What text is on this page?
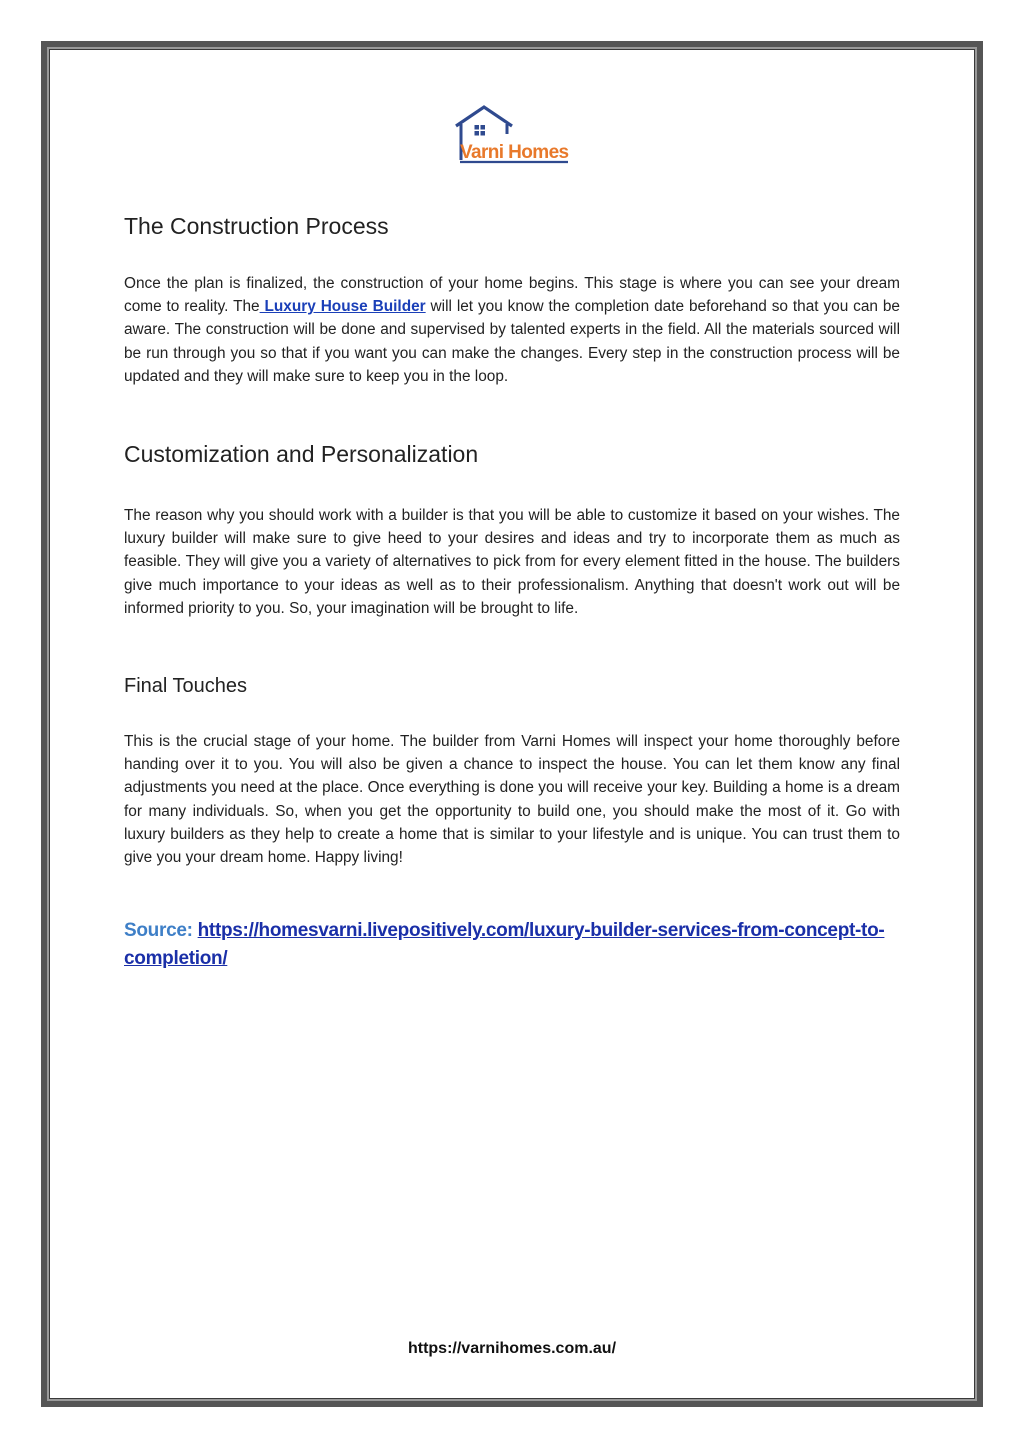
Varni Homes
The Construction Process

Once the plan is finalized, the construction of your home begins. This stage is where you can see your dream come to reality. The Luxury House Builder will let you know the completion date beforehand so that you can be aware. The construction will be done and supervised by talented experts in the field. All the materials sourced will be run through you so that if you want you can make the changes. Every step in the construction process will be updated and they will make sure to keep you in the loop.

Customization and Personalization

The reason why you should work with a builder is that you will be able to customize it based on your wishes. The luxury builder will make sure to give heed to your desires and ideas and try to incorporate them as much as feasible. They will give you a variety of alternatives to pick from for every element fitted in the house. The builders give much importance to your ideas as well as to their professionalism. Anything that doesn't work out will be informed priority to you. So, your imagination will be brought to life.

Final Touches

This is the crucial stage of your home. The builder from Varni Homes will inspect your home thoroughly before handing over it to you. You will also be given a chance to inspect the house. You can let them know any final adjustments you need at the place. Once everything is done you will receive your key. Building a home is a dream for many individuals. So, when you get the opportunity to build one, you should make the most of it. Go with luxury builders as they help to create a home that is similar to your lifestyle and is unique. You can trust them to give you your dream home. Happy living!

Source: https://homesvarni.livepositively.com/luxury-builder-services-from-concept-to-completion/
https://varnihomes.com.au/
